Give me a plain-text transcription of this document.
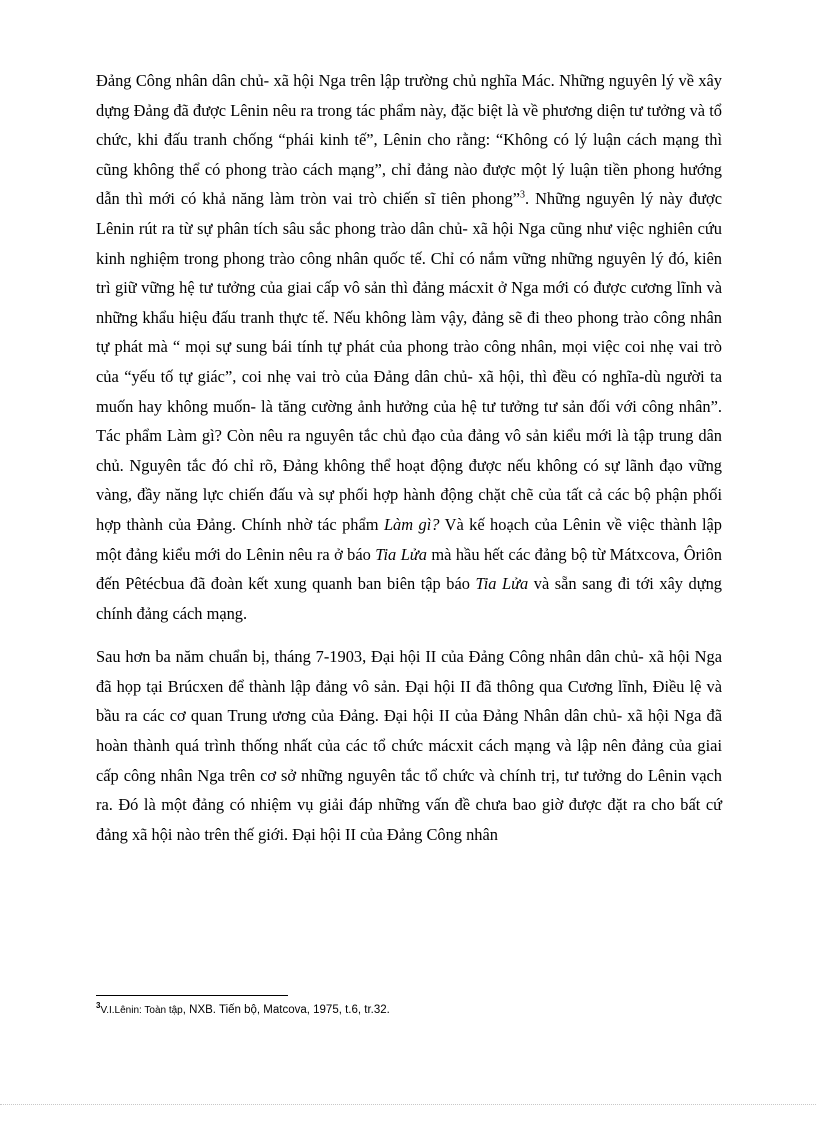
Đảng Công nhân dân chủ- xã hội Nga trên lập trường chủ nghĩa Mác. Những nguyên lý về xây dựng Đảng đã được Lênin nêu ra trong tác phẩm này, đặc biệt là về phương diện tư tưởng và tổ chức, khi đấu tranh chống “phái kinh tế”, Lênin cho rằng: “Không có lý luận cách mạng thì cũng không thể có phong trào cách mạng”, chỉ đảng nào được một lý luận tiền phong hướng dẫn thì mới có khả năng làm tròn vai trò chiến sĩ tiên phong”$^3$. Những nguyên lý này được Lênin rút ra từ sự phân tích sâu sắc phong trào dân chủ- xã hội Nga cũng như việc nghiên cứu kinh nghiệm trong phong trào công nhân quốc tế. Chỉ có nắm vững những nguyên lý đó, kiên trì giữ vững hệ tư tưởng của giai cấp vô sản thì đảng mácxit ở Nga mới có được cương lĩnh và những khẩu hiệu đấu tranh thực tế. Nếu không làm vậy, đảng sẽ đi theo phong trào công nhân tự phát mà “ mọi sự sung bái tính tự phát của phong trào công nhân, mọi việc coi nhẹ vai trò của “yếu tố tự giác”, coi nhẹ vai trò của Đảng dân chủ- xã hội, thì đều có nghĩa-dù người ta muốn hay không muốn- là tăng cường ảnh hưởng của hệ tư tưởng tư sản đối với công nhân”. Tác phẩm Làm gì? Còn nêu ra nguyên tắc chủ đạo của đảng vô sản kiểu mới là tập trung dân chủ. Nguyên tắc đó chỉ rõ, Đảng không thể hoạt động được nếu không có sự lãnh đạo vững vàng, đầy năng lực chiến đấu và sự phối hợp hành động chặt chẽ của tất cả các bộ phận phối hợp thành của Đảng. Chính nhờ tác phẩm Làm gì? Và kế hoạch của Lênin về việc thành lập một đảng kiểu mới do Lênin nêu ra ở báo Tia Lửa mà hầu hết các đảng bộ từ Mátxcova, Ôriôn đến Pêtécbua đã đoàn kết xung quanh ban biên tập báo Tia Lửa và sẵn sang đi tới xây dựng chính đảng cách mạng.

Sau hơn ba năm chuẩn bị, tháng 7-1903, Đại hội II của Đảng Công nhân dân chủ- xã hội Nga đã họp tại Brúcxen để thành lập đảng vô sản. Đại hội II đã thông qua Cương lĩnh, Điều lệ và bầu ra các cơ quan Trung ương của Đảng. Đại hội II của Đảng Nhân dân chủ- xã hội Nga đã hoàn thành quá trình thống nhất của các tổ chức mácxit cách mạng và lập nên đảng của giai cấp công nhân Nga trên cơ sở những nguyên tắc tổ chức và chính trị, tư tưởng do Lênin vạch ra. Đó là một đảng có nhiệm vụ giải đáp những vấn đề chưa bao giờ được đặt ra cho bất cứ đảng xã hội nào trên thế giới. Đại hội II của Đảng Công nhân

$^3$V.I.Lênin: Toàn tập, NXB. Tiến bộ, Matcova, 1975, t.6, tr.32.
